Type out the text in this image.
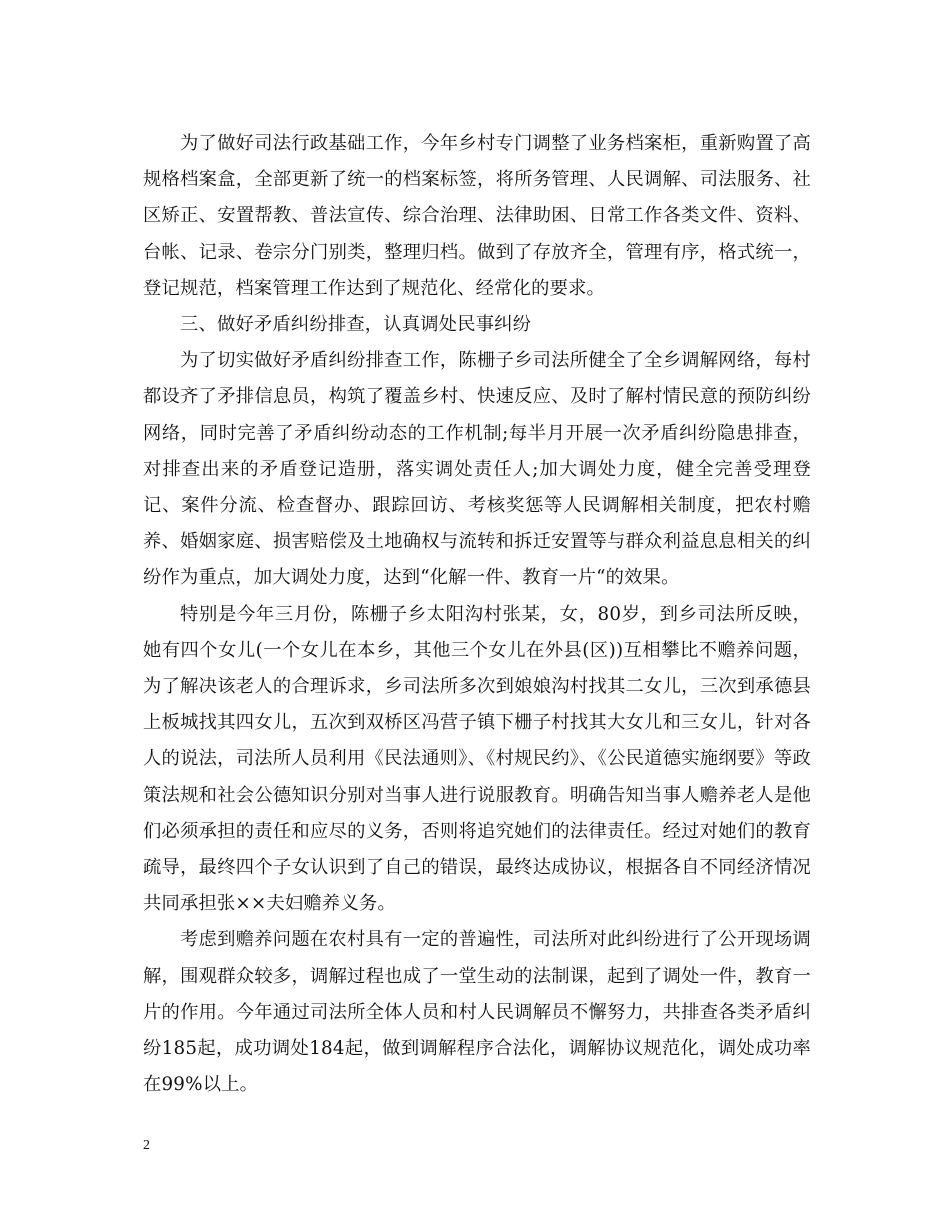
为了做好司法行政基础工作，今年乡村专门调整了业务档案柜，重新购置了高规格档案盒，全部更新了统一的档案标签，将所务管理、人民调解、司法服务、社区矫正、安置帮教、普法宣传、综合治理、法律助困、日常工作各类文件、资料、台帐、记录、卷宗分门别类，整理归档。做到了存放齐全，管理有序，格式统一，登记规范，档案管理工作达到了规范化、经常化的要求。

三、做好矛盾纠纷排查，认真调处民事纠纷

为了切实做好矛盾纠纷排查工作，陈栅子乡司法所健全了全乡调解网络，每村都设齐了矛排信息员，构筑了覆盖乡村、快速反应、及时了解村情民意的预防纠纷网络，同时完善了矛盾纠纷动态的工作机制;每半月开展一次矛盾纠纷隐患排查，对排查出来的矛盾登记造册，落实调处责任人;加大调处力度，健全完善受理登记、案件分流、检查督办、跟踪回访、考核奖惩等人民调解相关制度，把农村赡养、婚姻家庭、损害赔偿及土地确权与流转和拆迁安置等与群众利益息息相关的纠纷作为重点，加大调处力度，达到“化解一件、教育一片“的效果。

特别是今年三月份，陈栅子乡太阳沟村张某，女，80岁，到乡司法所反映，她有四个女儿(一个女儿在本乡，其他三个女儿在外县(区))互相攀比不赡养问题，为了解决该老人的合理诉求，乡司法所多次到娘娘沟村找其二女儿，三次到承德县上板城找其四女儿，五次到双桥区冯营子镇下栅子村找其大女儿和三女儿，针对各人的说法，司法所人员利用《民法通则》、《村规民约》、《公民道德实施纲要》等政策法规和社会公德知识分别对当事人进行说服教育。明确告知当事人赡养老人是他们必须承担的责任和应尽的义务，否则将追究她们的法律责任。经过对她们的教育疏导，最终四个子女认识到了自己的错误，最终达成协议，根据各自不同经济情况共同承担张××夫妇赡养义务。

考虑到赡养问题在农村具有一定的普遍性，司法所对此纠纷进行了公开现场调解，围观群众较多，调解过程也成了一堂生动的法制课，起到了调处一件，教育一片的作用。今年通过司法所全体人员和村人民调解员不懈努力，共排查各类矛盾纠纷185起，成功调处184起，做到调解程序合法化，调解协议规范化，调处成功率在99%以上。

2
